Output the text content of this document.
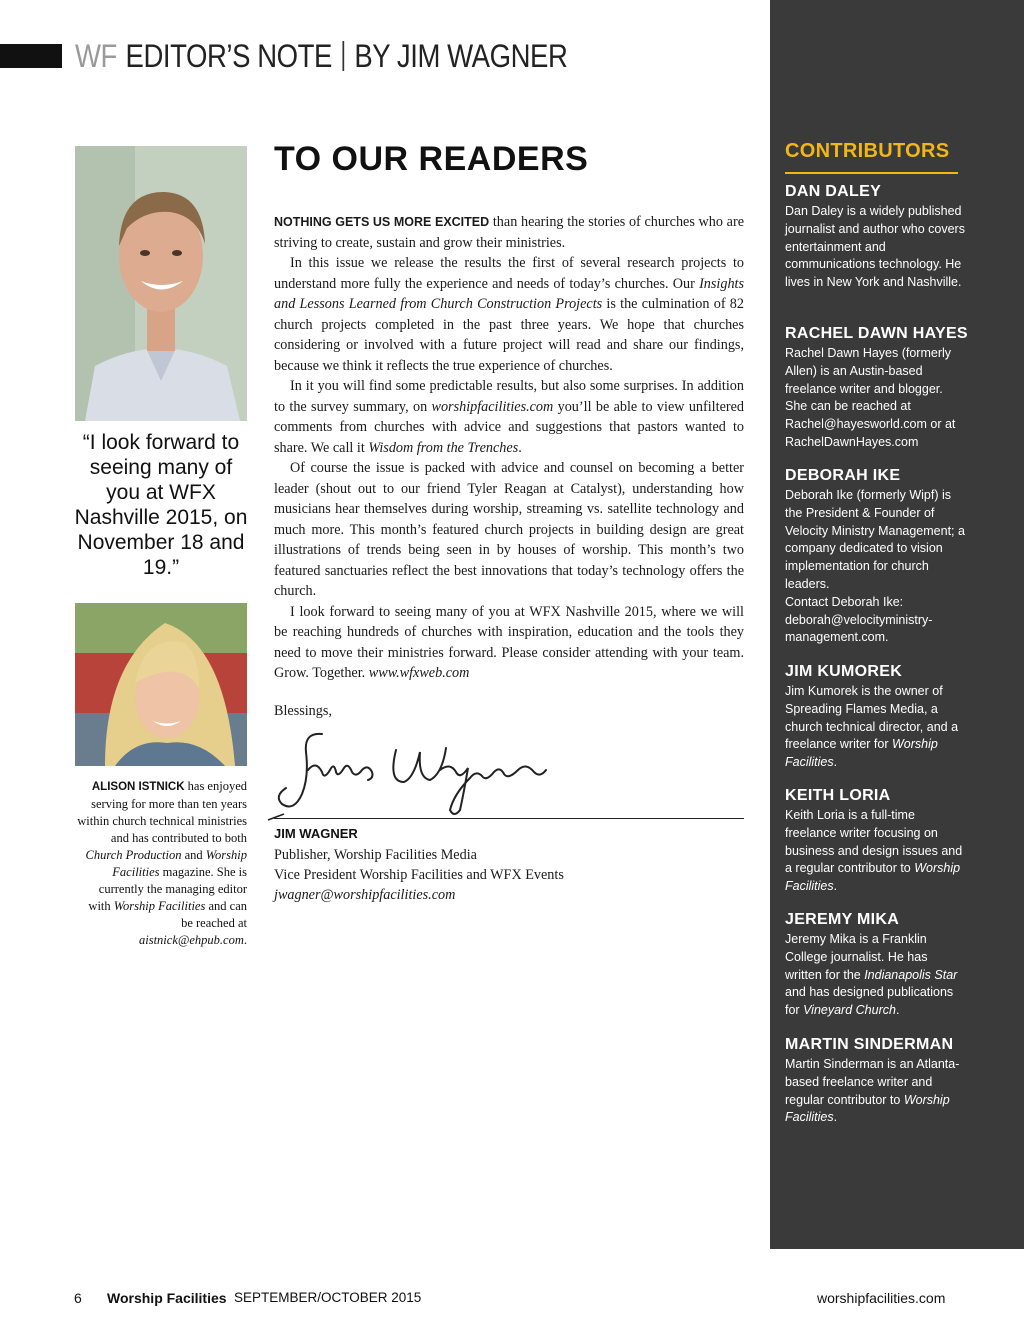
WF EDITOR’S NOTE BY JIM WAGNER
“I look forward to seeing many of you at WFX Nashville 2015, on November 18 and 19.”
ALISON ISTNICK has enjoyed serving for more than ten years within church technical ministries and has contributed to both Church Production and Worship Facilities magazine. She is currently the managing editor with Worship Facilities and can be reached at aistnick@ehpub.com.
TO OUR READERS

NOTHING GETS US MORE EXCITED than hearing the stories of churches who are striving to create, sustain and grow their ministries.

In this issue we release the results the first of several research projects to understand more fully the experience and needs of today’s churches. Our Insights and Lessons Learned from Church Construction Projects is the culmination of 82 church projects completed in the past three years. We hope that churches considering or involved with a future project will read and share our findings, because we think it reflects the true experience of churches.

In it you will find some predictable results, but also some surprises. In addition to the survey summary, on worshipfacilities.com you’ll be able to view unfiltered comments from churches with advice and suggestions that pastors wanted to share. We call it Wisdom from the Trenches.

Of course the issue is packed with advice and counsel on becoming a better leader (shout out to our friend Tyler Reagan at Catalyst), understanding how musicians hear themselves during worship, streaming vs. satellite technology and much more. This month’s featured church projects in building design are great illustrations of trends being seen in by houses of worship. This month’s two featured sanctuaries reflect the best innovations that today’s technology offers the church.

I look forward to seeing many of you at WFX Nashville 2015, where we will be reaching hundreds of churches with inspiration, education and the tools they need to move their ministries forward. Please consider attending with your team. Grow. Together. www.wfxweb.com

Blessings,
JIM WAGNER
Publisher, Worship Facilities Media
Vice President Worship Facilities and WFX Events
jwagner@worshipfacilities.com
CONTRIBUTORS
DAN DALEY
Dan Daley is a widely published journalist and author who covers entertainment and communications technology. He lives in New York and Nashville.
RACHEL DAWN HAYES
Rachel Dawn Hayes (formerly Allen) is an Austin-based freelance writer and blogger. She can be reached at Rachel@hayesworld.com or at RachelDawnHayes.com
DEBORAH IKE
Deborah Ike (formerly Wipf) is the President & Founder of Velocity Ministry Management; a company dedicated to vision implementation for church leaders.
Contact Deborah Ike: deborah@velocityministry-management.com.
JIM KUMOREK
Jim Kumorek is the owner of Spreading Flames Media, a church technical director, and a freelance writer for Worship Facilities.
KEITH LORIA
Keith Loria is a full-time freelance writer focusing on business and design issues and a regular contributor to Worship Facilities.
JEREMY MIKA
Jeremy Mika is a Franklin College journalist. He has written for the Indianapolis Star and has designed publications for Vineyard Church.
MARTIN SINDERMAN
Martin Sinderman is an Atlanta-based freelance writer and regular contributor to Worship Facilities.
6 Worship Facilities SEPTEMBER/OCTOBER 2015	worshipfacilities.com
